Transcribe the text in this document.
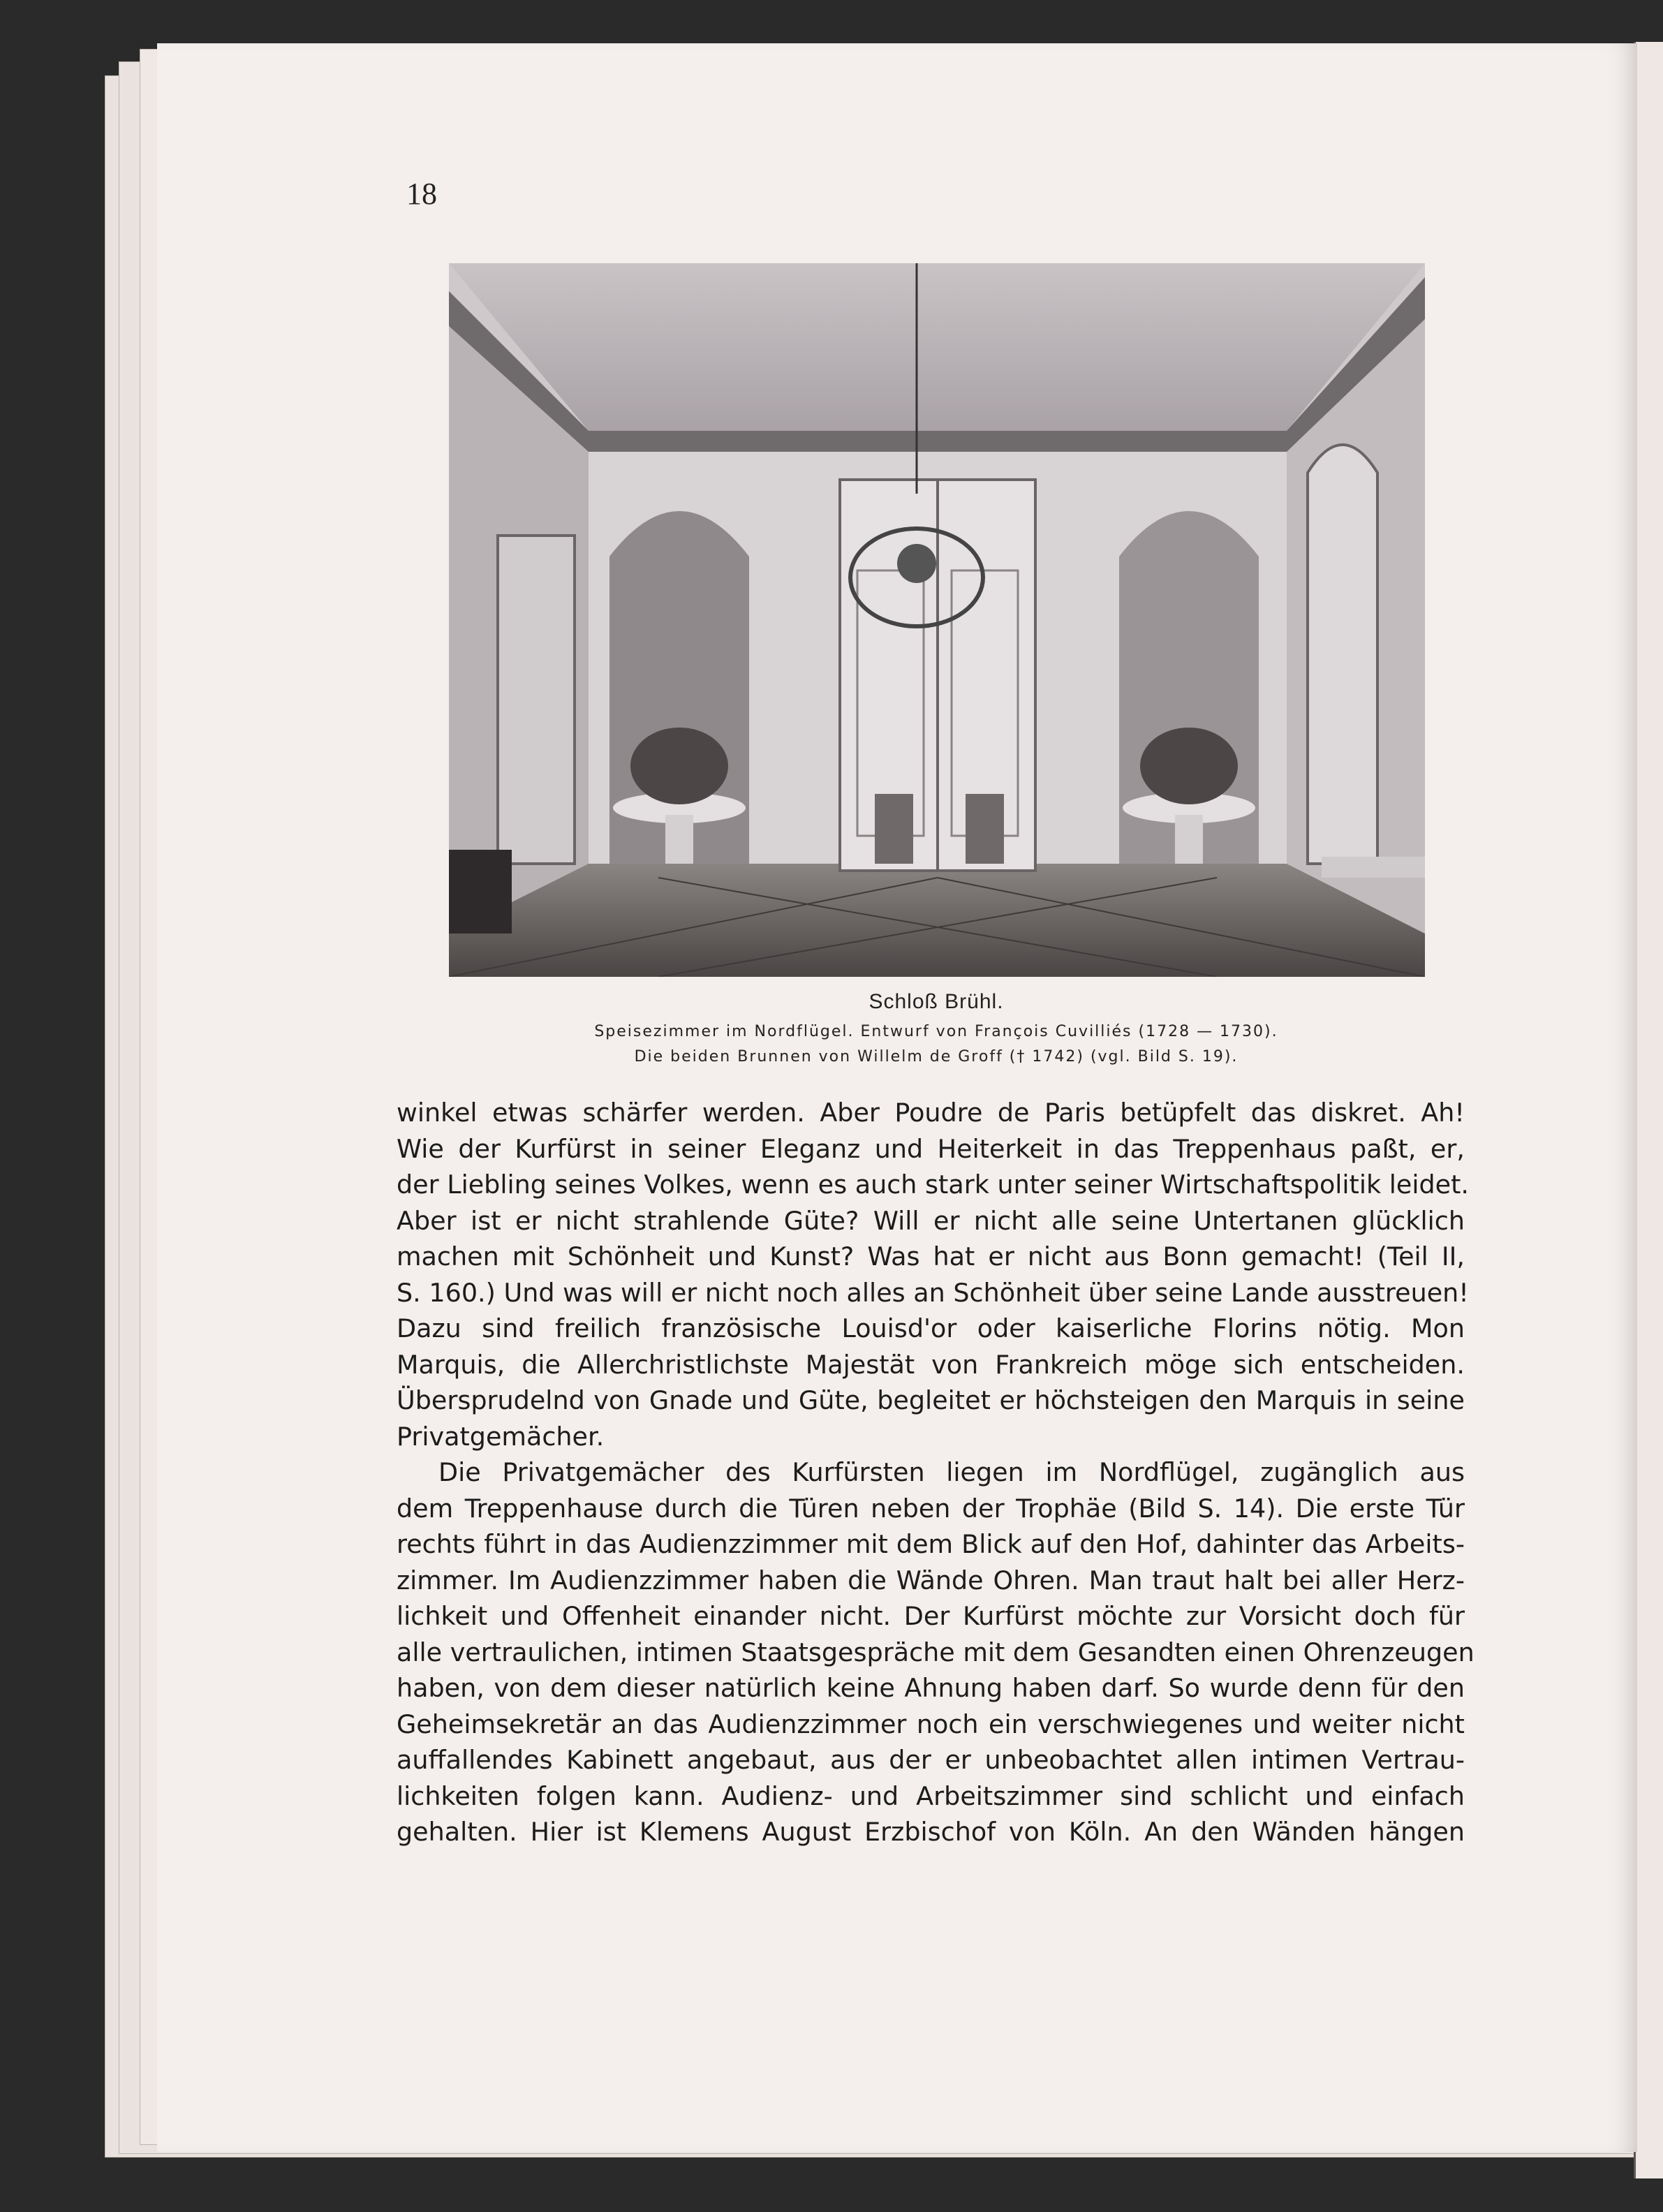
18
Schloß Brühl.
Speisezimmer im Nordflügel. Entwurf von François Cuvilliés (1728 — 1730).
Die beiden Brunnen von Willelm de Groff († 1742) (vgl. Bild S. 19).
winkel etwas schärfer werden. Aber Poudre de Paris betüpfelt das diskret. Ah!
Wie der Kurfürst in seiner Eleganz und Heiterkeit in das Treppenhaus paßt, er,
der Liebling seines Volkes, wenn es auch stark unter seiner Wirtschaftspolitik leidet.
Aber ist er nicht strahlende Güte? Will er nicht alle seine Untertanen glücklich
machen mit Schönheit und Kunst? Was hat er nicht aus Bonn gemacht! (Teil II,
S. 160.) Und was will er nicht noch alles an Schönheit über seine Lande ausstreuen!
Dazu sind freilich französische Louisd'or oder kaiserliche Florins nötig. Mon
Marquis, die Allerchristlichste Majestät von Frankreich möge sich entscheiden.
Übersprudelnd von Gnade und Güte, begleitet er höchsteigen den Marquis in seine
Privatgemächer.
Die Privatgemächer des Kurfürsten liegen im Nordflügel, zugänglich aus
dem Treppenhause durch die Türen neben der Trophäe (Bild S. 14). Die erste Tür
rechts führt in das Audienzzimmer mit dem Blick auf den Hof, dahinter das Arbeits-
zimmer. Im Audienzzimmer haben die Wände Ohren. Man traut halt bei aller Herz-
lichkeit und Offenheit einander nicht. Der Kurfürst möchte zur Vorsicht doch für
alle vertraulichen, intimen Staatsgespräche mit dem Gesandten einen Ohrenzeugen
haben, von dem dieser natürlich keine Ahnung haben darf. So wurde denn für den
Geheimsekretär an das Audienzzimmer noch ein verschwiegenes und weiter nicht
auffallendes Kabinett angebaut, aus der er unbeobachtet allen intimen Vertrau-
lichkeiten folgen kann. Audienz- und Arbeitszimmer sind schlicht und einfach
gehalten. Hier ist Klemens August Erzbischof von Köln. An den Wänden hängen
